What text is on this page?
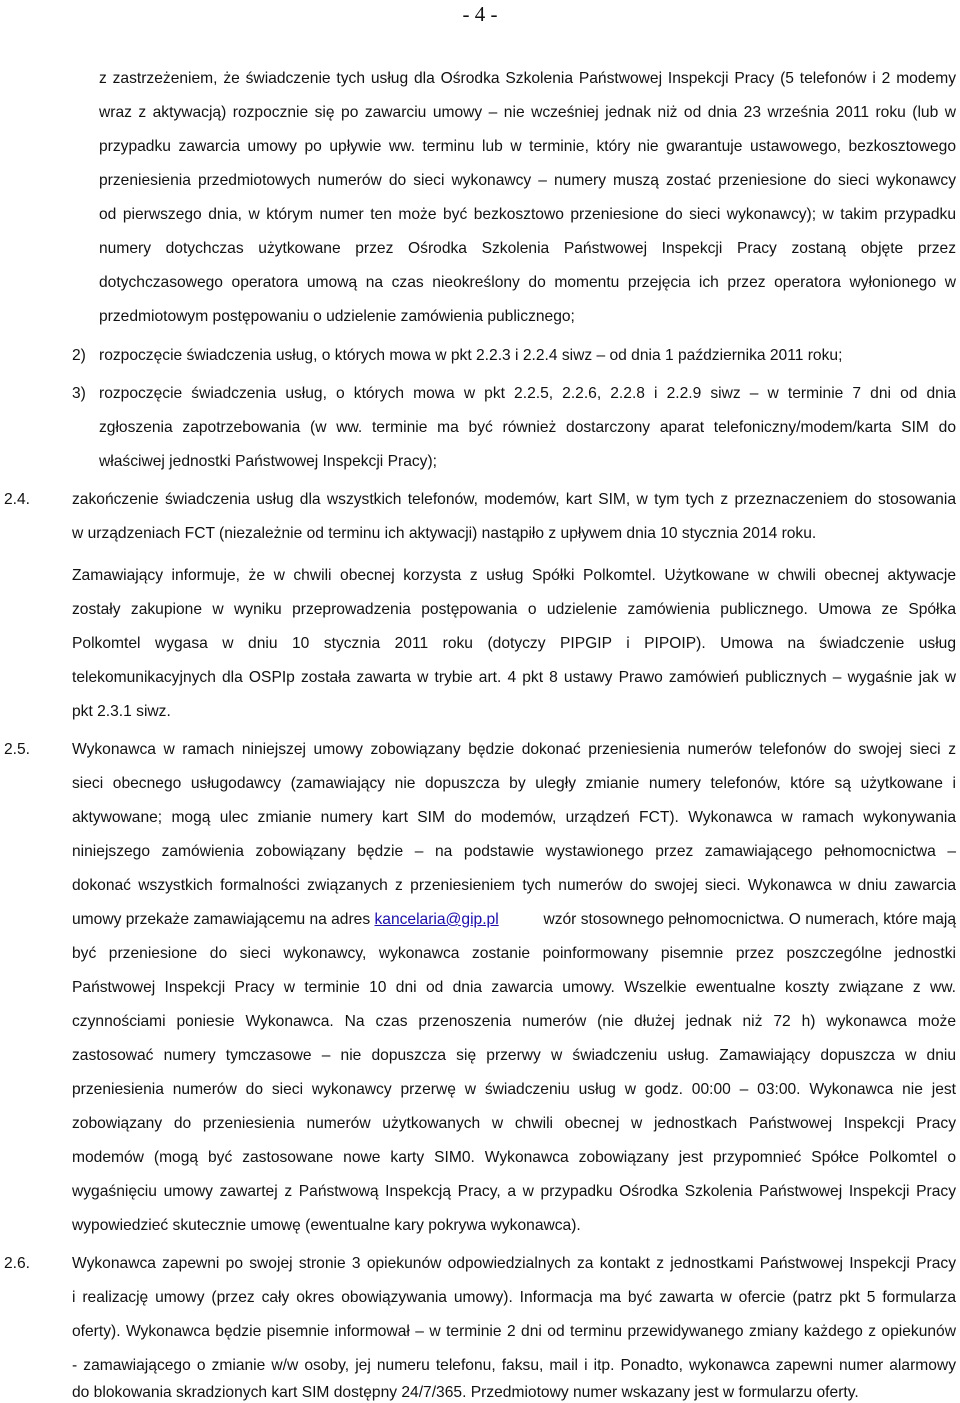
- 4 -
z zastrzeżeniem, że świadczenie tych usług dla Ośrodka Szkolenia Państwowej Inspekcji Pracy (5 telefonów i 2 modemy
wraz z aktywacją) rozpocznie się po zawarciu umowy – nie wcześniej jednak niż od dnia 23 września 2011 roku (lub w
przypadku zawarcia umowy po upływie ww. terminu lub w terminie, który nie gwarantuje ustawowego, bezkosztowego
przeniesienia przedmiotowych numerów do sieci wykonawcy – numery muszą zostać przeniesione do sieci wykonawcy
od pierwszego dnia, w którym numer ten może być bezkosztowo przeniesione do sieci wykonawcy); w takim przypadku
numery dotychczas użytkowane przez Ośrodka Szkolenia Państwowej Inspekcji Pracy zostaną objęte przez
dotychczasowego operatora umową na czas nieokreślony do momentu przejęcia ich przez operatora wyłonionego w
przedmiotowym postępowaniu o udzielenie zamówienia publicznego;
2) rozpoczęcie świadczenia usług, o których mowa w pkt 2.2.3 i 2.2.4 siwz – od dnia 1 października 2011 roku;
3) rozpoczęcie świadczenia usług, o których mowa w pkt 2.2.5, 2.2.6, 2.2.8 i 2.2.9 siwz – w terminie 7 dni od dnia
zgłoszenia zapotrzebowania (w ww. terminie ma być również dostarczony aparat telefoniczny/modem/karta SIM do
właściwej jednostki Państwowej Inspekcji Pracy);
2.4.	zakończenie świadczenia usług dla wszystkich telefonów, modemów, kart SIM, w tym tych z przeznaczeniem do stosowania
w urządzeniach FCT (niezależnie od terminu ich aktywacji) nastąpiło z upływem dnia 10 stycznia 2014 roku.
Zamawiający informuje, że w chwili obecnej korzysta z usług Spółki Polkomtel. Użytkowane w chwili obecnej aktywacje
zostały zakupione w wyniku przeprowadzenia postępowania o udzielenie zamówienia publicznego. Umowa ze Spółka
Polkomtel wygasa w dniu 10 stycznia 2011 roku (dotyczy PIPGIP i PIPOIP). Umowa na świadczenie usług
telekomunikacyjnych dla OSPIp została zawarta w trybie art. 4 pkt 8 ustawy Prawo zamówień publicznych – wygaśnie jak w
pkt 2.3.1 siwz.
2.5.	Wykonawca w ramach niniejszej umowy zobowiązany będzie dokonać przeniesienia numerów telefonów do swojej sieci z
sieci obecnego usługodawcy (zamawiający nie dopuszcza by uległy zmianie numery telefonów, które są użytkowane i
aktywowane; mogą ulec zmianie numery kart SIM do modemów, urządzeń FCT). Wykonawca w ramach wykonywania
niniejszego zamówienia zobowiązany będzie – na podstawie wystawionego przez zamawiającego pełnomocnictwa –
dokonać wszystkich formalności związanych z przeniesieniem tych numerów do swojej sieci. Wykonawca w dniu zawarcia
umowy przekaże zamawiającemu na adres kancelaria@gip.pl	wzór stosownego pełnomocnictwa. O numerach, które mają
być przeniesione do sieci wykonawcy, wykonawca zostanie poinformowany pisemnie przez poszczególne jednostki
Państwowej Inspekcji Pracy w terminie 10 dni od dnia zawarcia umowy. Wszelkie ewentualne koszty związane z ww.
czynnościami poniesie Wykonawca. Na czas przenoszenia numerów (nie dłużej jednak niż 72 h) wykonawca może
zastosować numery tymczasowe – nie dopuszcza się przerwy w świadczeniu usług. Zamawiający dopuszcza w dniu
przeniesienia numerów do sieci wykonawcy przerwę w świadczeniu usług w godz. 00:00 – 03:00. Wykonawca nie jest
zobowiązany do przeniesienia numerów użytkowanych w chwili obecnej w jednostkach Państwowej Inspekcji Pracy
modemów (mogą być zastosowane nowe karty SIM0. Wykonawca zobowiązany jest przypomnieć Spółce Polkomtel o
wygaśnięciu umowy zawartej z Państwową Inspekcją Pracy, a w przypadku Ośrodka Szkolenia Państwowej Inspekcji Pracy
wypowiedzieć skutecznie umowę (ewentualne kary pokrywa wykonawca).
2.6.	Wykonawca zapewni po swojej stronie 3 opiekunów odpowiedzialnych za kontakt z jednostkami Państwowej Inspekcji Pracy
i realizację umowy (przez cały okres obowiązywania umowy). Informacja ma być zawarta w ofercie (patrz pkt 5 formularza
oferty). Wykonawca będzie pisemnie informował – w terminie 2 dni od terminu przewidywanego zmiany każdego z opiekunów
- zamawiającego o zmianie w/w osoby, jej numeru telefonu, faksu, mail i itp. Ponadto, wykonawca zapewni numer alarmowy
do blokowania skradzionych kart SIM dostępny 24/7/365. Przedmiotowy numer wskazany jest w formularzu oferty.
